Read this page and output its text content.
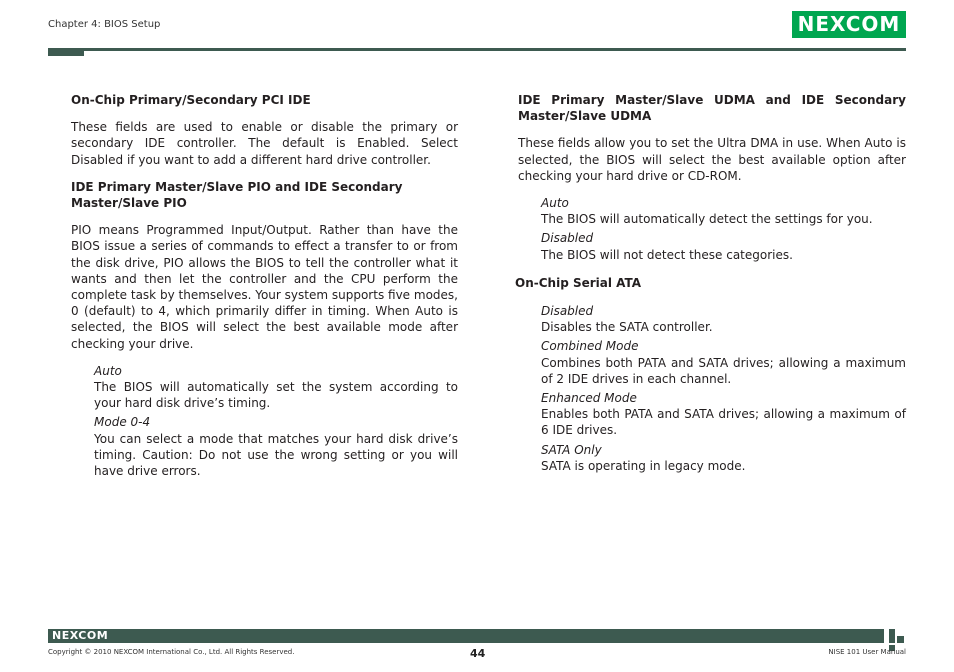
Chapter 4: BIOS Setup	NEXCOM

On-Chip Primary/Secondary PCI IDE

These fields are used to enable or disable the primary or secondary IDE controller. The default is Enabled. Select Disabled if you want to add a different hard drive controller.

IDE Primary Master/Slave PIO and IDE Secondary Master/Slave PIO

PIO means Programmed Input/Output. Rather than have the BIOS issue a series of commands to effect a transfer to or from the disk drive, PIO allows the BIOS to tell the controller what it wants and then let the controller and the CPU perform the complete task by themselves. Your system supports five modes, 0 (default) to 4, which primarily differ in timing. When Auto is selected, the BIOS will select the best available mode after checking your drive.

Auto

The BIOS will automatically set the system according to your hard disk drive’s timing.

Mode 0-4

You can select a mode that matches your hard disk drive’s timing. Caution: Do not use the wrong setting or you will have drive errors.

IDE Primary Master/Slave UDMA and IDE Secondary Master/Slave UDMA

These fields allow you to set the Ultra DMA in use. When Auto is selected, the BIOS will select the best available option after checking your hard drive or CD-ROM.

Auto

The BIOS will automatically detect the settings for you.

Disabled

The BIOS will not detect these categories.

On-Chip Serial ATA

Disabled

Disables the SATA controller.

Combined Mode

Combines both PATA and SATA drives; allowing a maximum of 2 IDE drives in each channel.

Enhanced Mode

Enables both PATA and SATA drives; allowing a maximum of 6 IDE drives.

SATA Only

SATA is operating in legacy mode.

NEXCOM
Copyright © 2010 NEXCOM International Co., Ltd. All Rights Reserved.	44	NISE 101 User Manual
